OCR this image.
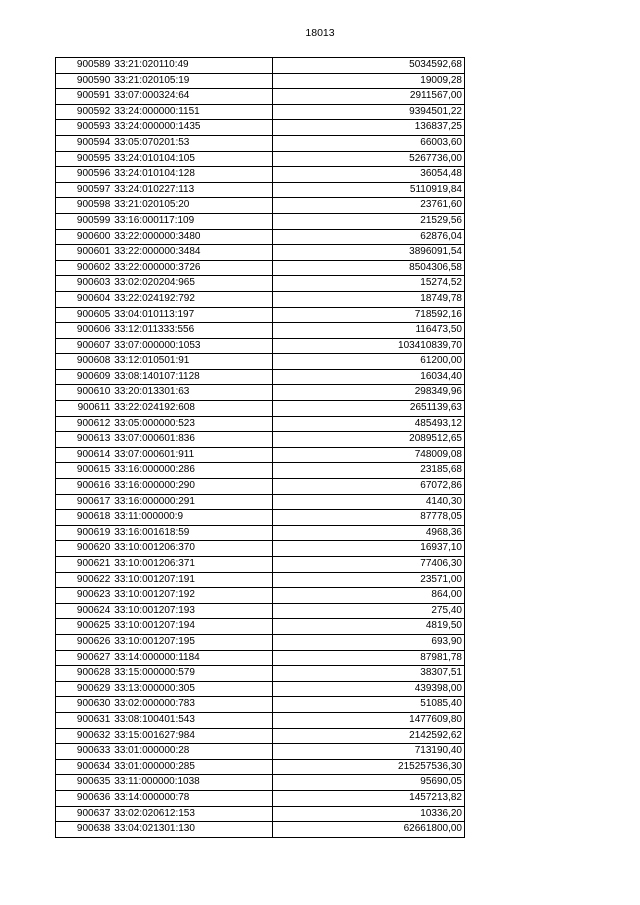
18013
900589	33:21:020110:49	5034592,68
900590	33:21:020105:19	19009,28
900591	33:07:000324:64	2911567,00
900592	33:24:000000:1151	9394501,22
900593	33:24:000000:1435	136837,25
900594	33:05:070201:53	66003,60
900595	33:24:010104:105	5267736,00
900596	33:24:010104:128	36054,48
900597	33:24:010227:113	5110919,84
900598	33:21:020105:20	23761,60
900599	33:16:000117:109	21529,56
900600	33:22:000000:3480	62876,04
900601	33:22:000000:3484	3896091,54
900602	33:22:000000:3726	8504306,58
900603	33:02:020204:965	15274,52
900604	33:22:024192:792	18749,78
900605	33:04:010113:197	718592,16
900606	33:12:011333:556	116473,50
900607	33:07:000000:1053	103410839,70
900608	33:12:010501:91	61200,00
900609	33:08:140107:1128	16034,40
900610	33:20:013301:63	298349,96
900611	33:22:024192:608	2651139,63
900612	33:05:000000:523	485493,12
900613	33:07:000601:836	2089512,65
900614	33:07:000601:911	748009,08
900615	33:16:000000:286	23185,68
900616	33:16:000000:290	67072,86
900617	33:16:000000:291	4140,30
900618	33:11:000000:9	87778,05
900619	33:16:001618:59	4968,36
900620	33:10:001206:370	16937,10
900621	33:10:001206:371	77406,30
900622	33:10:001207:191	23571,00
900623	33:10:001207:192	864,00
900624	33:10:001207:193	275,40
900625	33:10:001207:194	4819,50
900626	33:10:001207:195	693,90
900627	33:14:000000:1184	87981,78
900628	33:15:000000:579	38307,51
900629	33:13:000000:305	439398,00
900630	33:02:000000:783	51085,40
900631	33:08:100401:543	1477609,80
900632	33:15:001627:984	2142592,62
900633	33:01:000000:28	713190,40
900634	33:01:000000:285	215257536,30
900635	33:11:000000:1038	95690,05
900636	33:14:000000:78	1457213,82
900637	33:02:020612:153	10336,20
900638	33:04:021301:130	62661800,00
